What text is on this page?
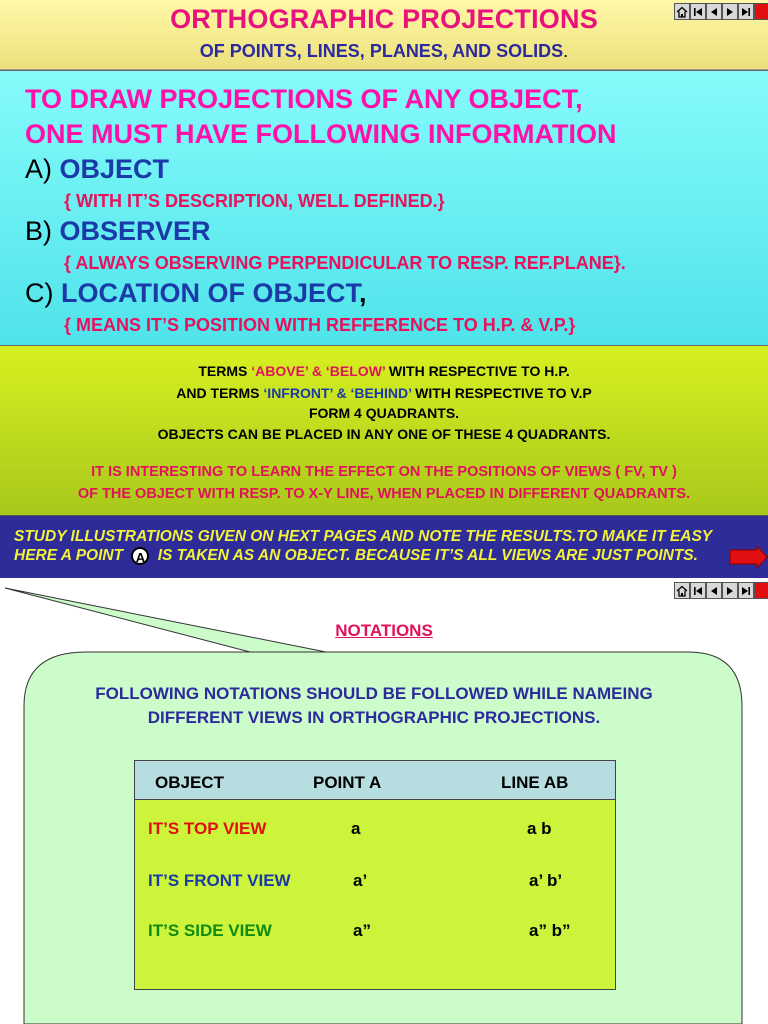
ORTHOGRAPHIC PROJECTIONS
OF POINTS, LINES, PLANES, AND SOLIDS.
TO DRAW PROJECTIONS OF ANY OBJECT,
ONE MUST HAVE FOLLOWING INFORMATION
A) OBJECT
{ WITH IT’S DESCRIPTION, WELL DEFINED.}
B) OBSERVER
{ ALWAYS OBSERVING PERPENDICULAR TO RESP. REF.PLANE}.
C) LOCATION OF OBJECT,
{ MEANS IT’S POSITION WITH REFFERENCE TO H.P. & V.P.}
TERMS ‘ABOVE’ & ‘BELOW’ WITH RESPECTIVE TO H.P.
AND TERMS ‘INFRONT’ & ‘BEHIND’ WITH RESPECTIVE TO V.P
FORM 4 QUADRANTS.
OBJECTS CAN BE PLACED IN ANY ONE OF THESE 4 QUADRANTS.
IT IS INTERESTING TO LEARN THE EFFECT ON THE POSITIONS OF VIEWS ( FV, TV )
OF THE OBJECT WITH RESP. TO X-Y LINE, WHEN PLACED IN DIFFERENT QUADRANTS.
STUDY ILLUSTRATIONS GIVEN ON HEXT PAGES AND NOTE THE RESULTS.TO MAKE IT EASY
HERE A POINT A IS TAKEN AS AN OBJECT. BECAUSE IT’S ALL VIEWS ARE JUST POINTS.
NOTATIONS
FOLLOWING NOTATIONS SHOULD BE FOLLOWED WHILE NAMEING
DIFFERENT VIEWS IN ORTHOGRAPHIC PROJECTIONS.
OBJECT	POINT A	LINE AB
IT’S TOP VIEW	a	a b
IT’S FRONT VIEW	a’	a’ b’
IT’S SIDE VIEW	a”	a” b”
